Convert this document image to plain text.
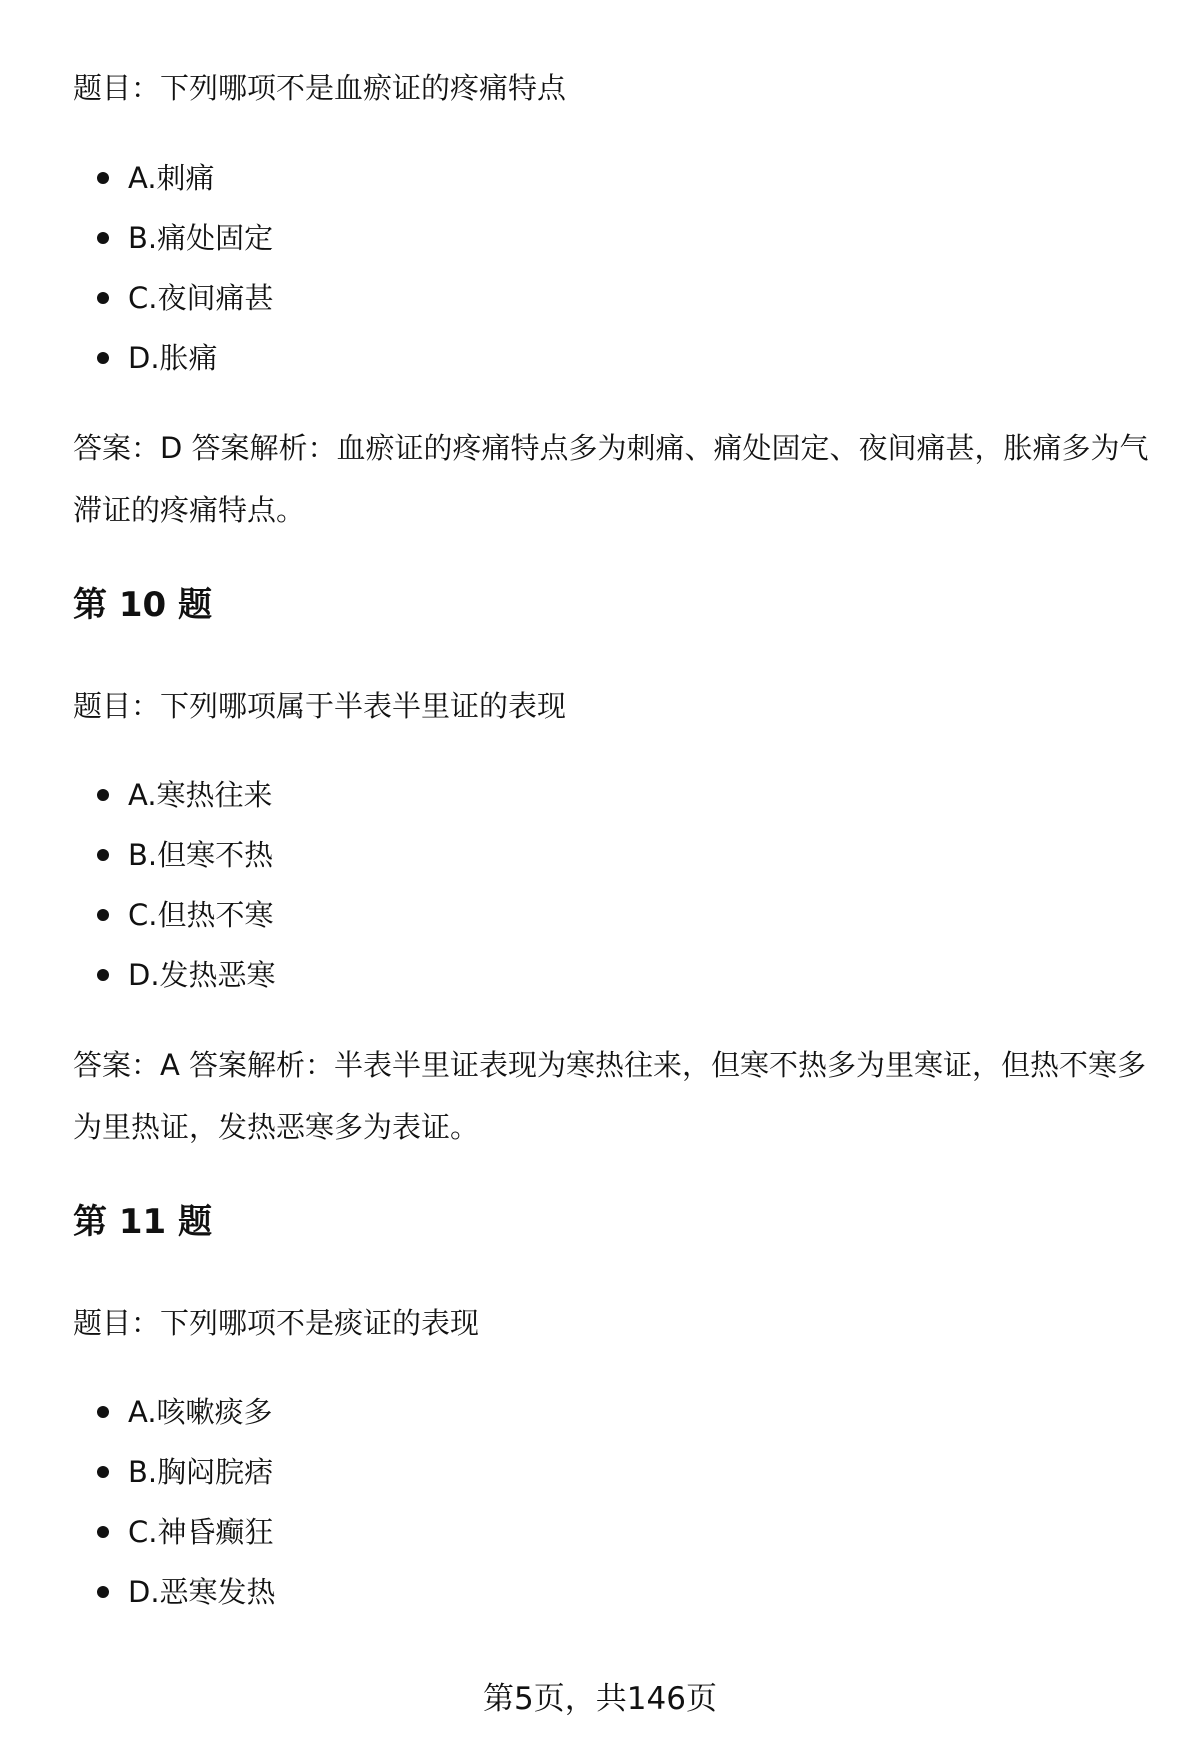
题目：下列哪项不是血瘀证的疼痛特点
A.刺痛
B.痛处固定
C.夜间痛甚
D.胀痛

答案：D 答案解析：血瘀证的疼痛特点多为刺痛、痛处固定、夜间痛甚，胀痛多为气滞证的疼痛特点。

第 10 题
题目：下列哪项属于半表半里证的表现
A.寒热往来
B.但寒不热
C.但热不寒
D.发热恶寒

答案：A 答案解析：半表半里证表现为寒热往来，但寒不热多为里寒证，但热不寒多为里热证，发热恶寒多为表证。

第 11 题
题目：下列哪项不是痰证的表现
A.咳嗽痰多
B.胸闷脘痞
C.神昏癫狂
D.恶寒发热
第5页，共146页
